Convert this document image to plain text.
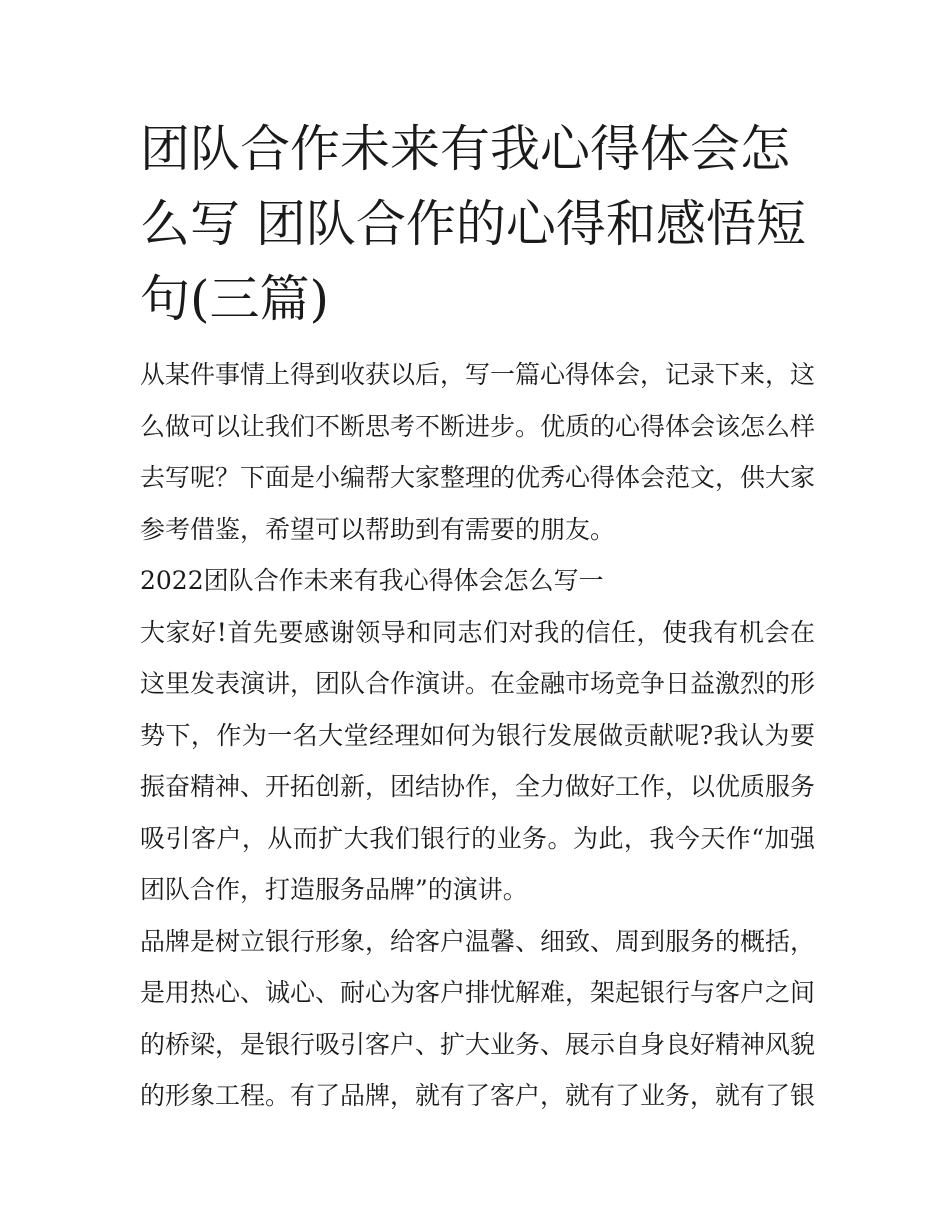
团队合作未来有我心得体会怎么写 团队合作的心得和感悟短句(三篇)

从某件事情上得到收获以后，写一篇心得体会，记录下来，这么做可以让我们不断思考不断进步。优质的心得体会该怎么样去写呢？下面是小编帮大家整理的优秀心得体会范文，供大家参考借鉴，希望可以帮助到有需要的朋友。

2022团队合作未来有我心得体会怎么写一

大家好!首先要感谢领导和同志们对我的信任，使我有机会在这里发表演讲，团队合作演讲。在金融市场竞争日益激烈的形势下，作为一名大堂经理如何为银行发展做贡献呢?我认为要振奋精神、开拓创新，团结协作，全力做好工作，以优质服务吸引客户，从而扩大我们银行的业务。为此，我今天作“加强团队合作，打造服务品牌”的演讲。

品牌是树立银行形象，给客户温馨、细致、周到服务的概括，是用热心、诚心、耐心为客户排忧解难，架起银行与客户之间的桥梁，是银行吸引客户、扩大业务、展示自身良好精神风貌的形象工程。有了品牌，就有了客户，就有了业务，就有了银
